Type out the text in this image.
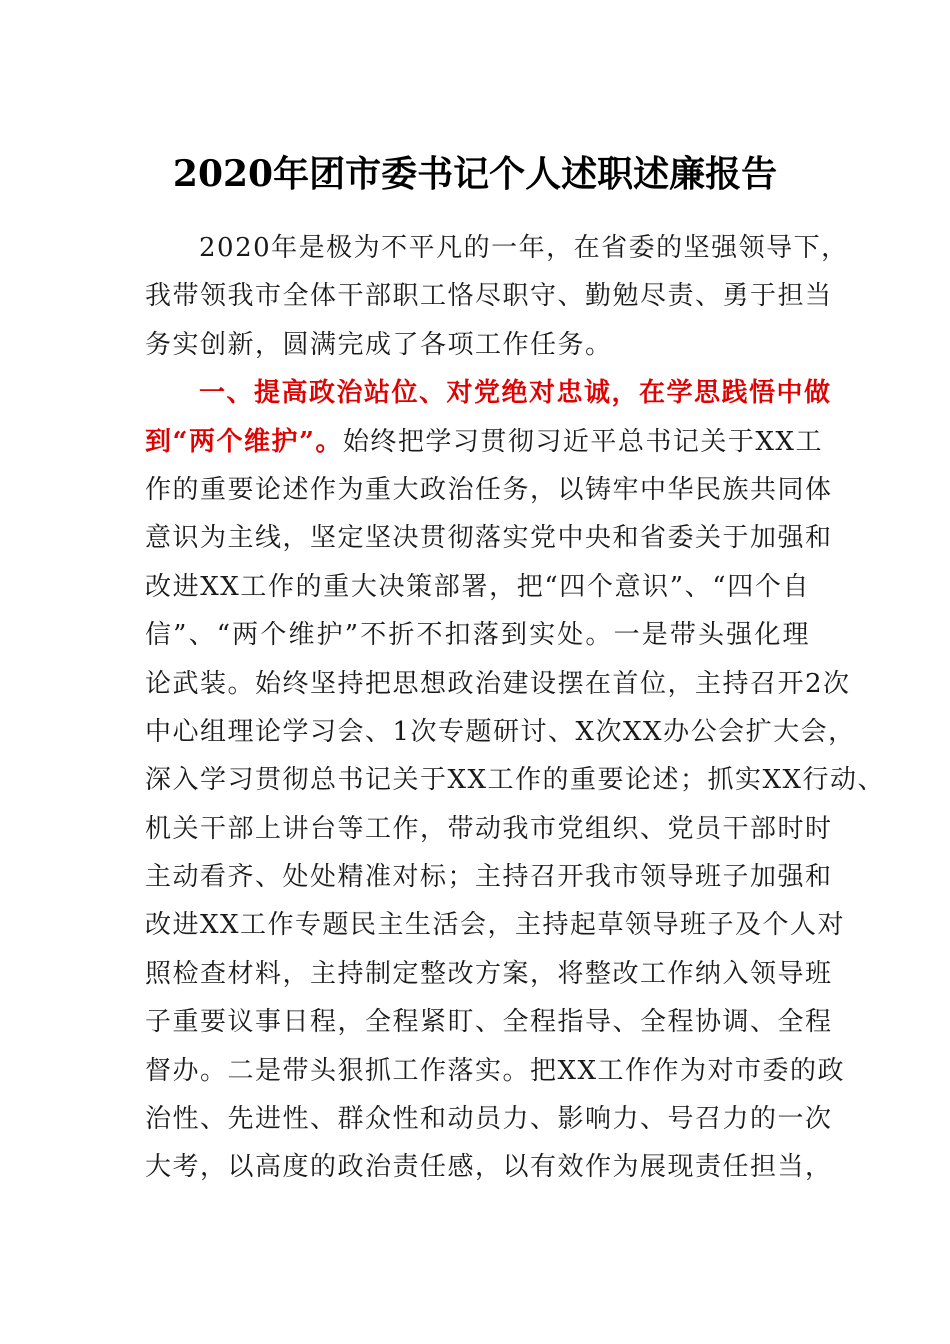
2020年团市委书记个人述职述廉报告
2020年是极为不平凡的一年，在省委的坚强领导下，
我带领我市全体干部职工恪尽职守、勤勉尽责、勇于担当
务实创新，圆满完成了各项工作任务。
一、提高政治站位、对党绝对忠诚，在学思践悟中做
到“两个维护”。始终把学习贯彻习近平总书记关于XX工
作的重要论述作为重大政治任务，以铸牢中华民族共同体
意识为主线，坚定坚决贯彻落实党中央和省委关于加强和
改进XX工作的重大决策部署，把“四个意识”、“四个自
信”、“两个维护”不折不扣落到实处。一是带头强化理
论武装。始终坚持把思想政治建设摆在首位，主持召开2次
中心组理论学习会、1次专题研讨、X次XX办公会扩大会，
深入学习贯彻总书记关于XX工作的重要论述；抓实XX行动、
机关干部上讲台等工作，带动我市党组织、党员干部时时
主动看齐、处处精准对标；主持召开我市领导班子加强和
改进XX工作专题民主生活会，主持起草领导班子及个人对
照检查材料，主持制定整改方案，将整改工作纳入领导班
子重要议事日程，全程紧盯、全程指导、全程协调、全程
督办。二是带头狠抓工作落实。把XX工作作为对市委的政
治性、先进性、群众性和动员力、影响力、号召力的一次
大考，以高度的政治责任感，以有效作为展现责任担当，
